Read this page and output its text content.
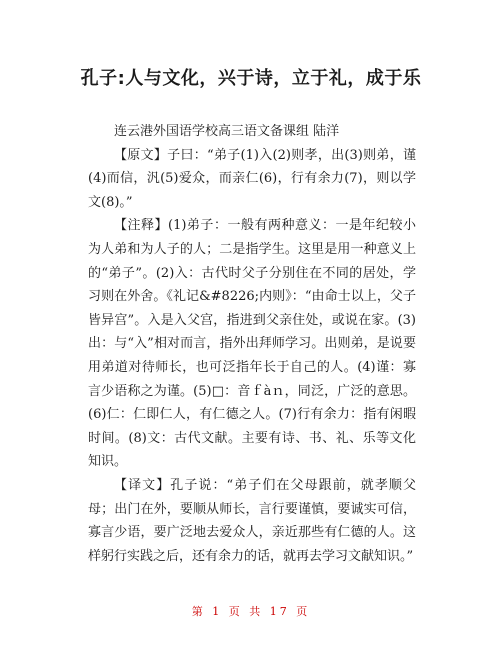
孔子:人与文化，兴于诗，立于礼，成于乐

连云港外国语学校高三语文备课组 陆洋

【原文】子曰：“弟子(1)入(2)则孝，出(3)则弟，谨(4)而信，汎(5)爱众，而亲仁(6)，行有余力(7)，则以学文(8)。”

【注释】(1)弟子：一般有两种意义：一是年纪较小为人弟和为人子的人；二是指学生。这里是用一种意义上的“弟子”。(2)入：古代时父子分别住在不同的居处，学习则在外舍。《礼记&#8226;内则》：“由命士以上，父子皆异宫”。入是入父宫，指进到父亲住处，或说在家。(3)出：与“入”相对而言，指外出拜师学习。出则弟，是说要用弟道对待师长，也可泛指年长于自己的人。(4)谨：寡言少语称之为谨。(5)□：音ｆàｎ，同泛，广泛的意思。(6)仁：仁即仁人，有仁德之人。(7)行有余力：指有闲暇时间。(8)文：古代文献。主要有诗、书、礼、乐等文化知识。

【译文】孔子说：“弟子们在父母跟前，就孝顺父母；出门在外，要顺从师长，言行要谨慎，要诚实可信，寡言少语，要广泛地去爱众人，亲近那些有仁德的人。这样躬行实践之后，还有余力的话，就再去学习文献知识。”

第 1 页 共 17 页
